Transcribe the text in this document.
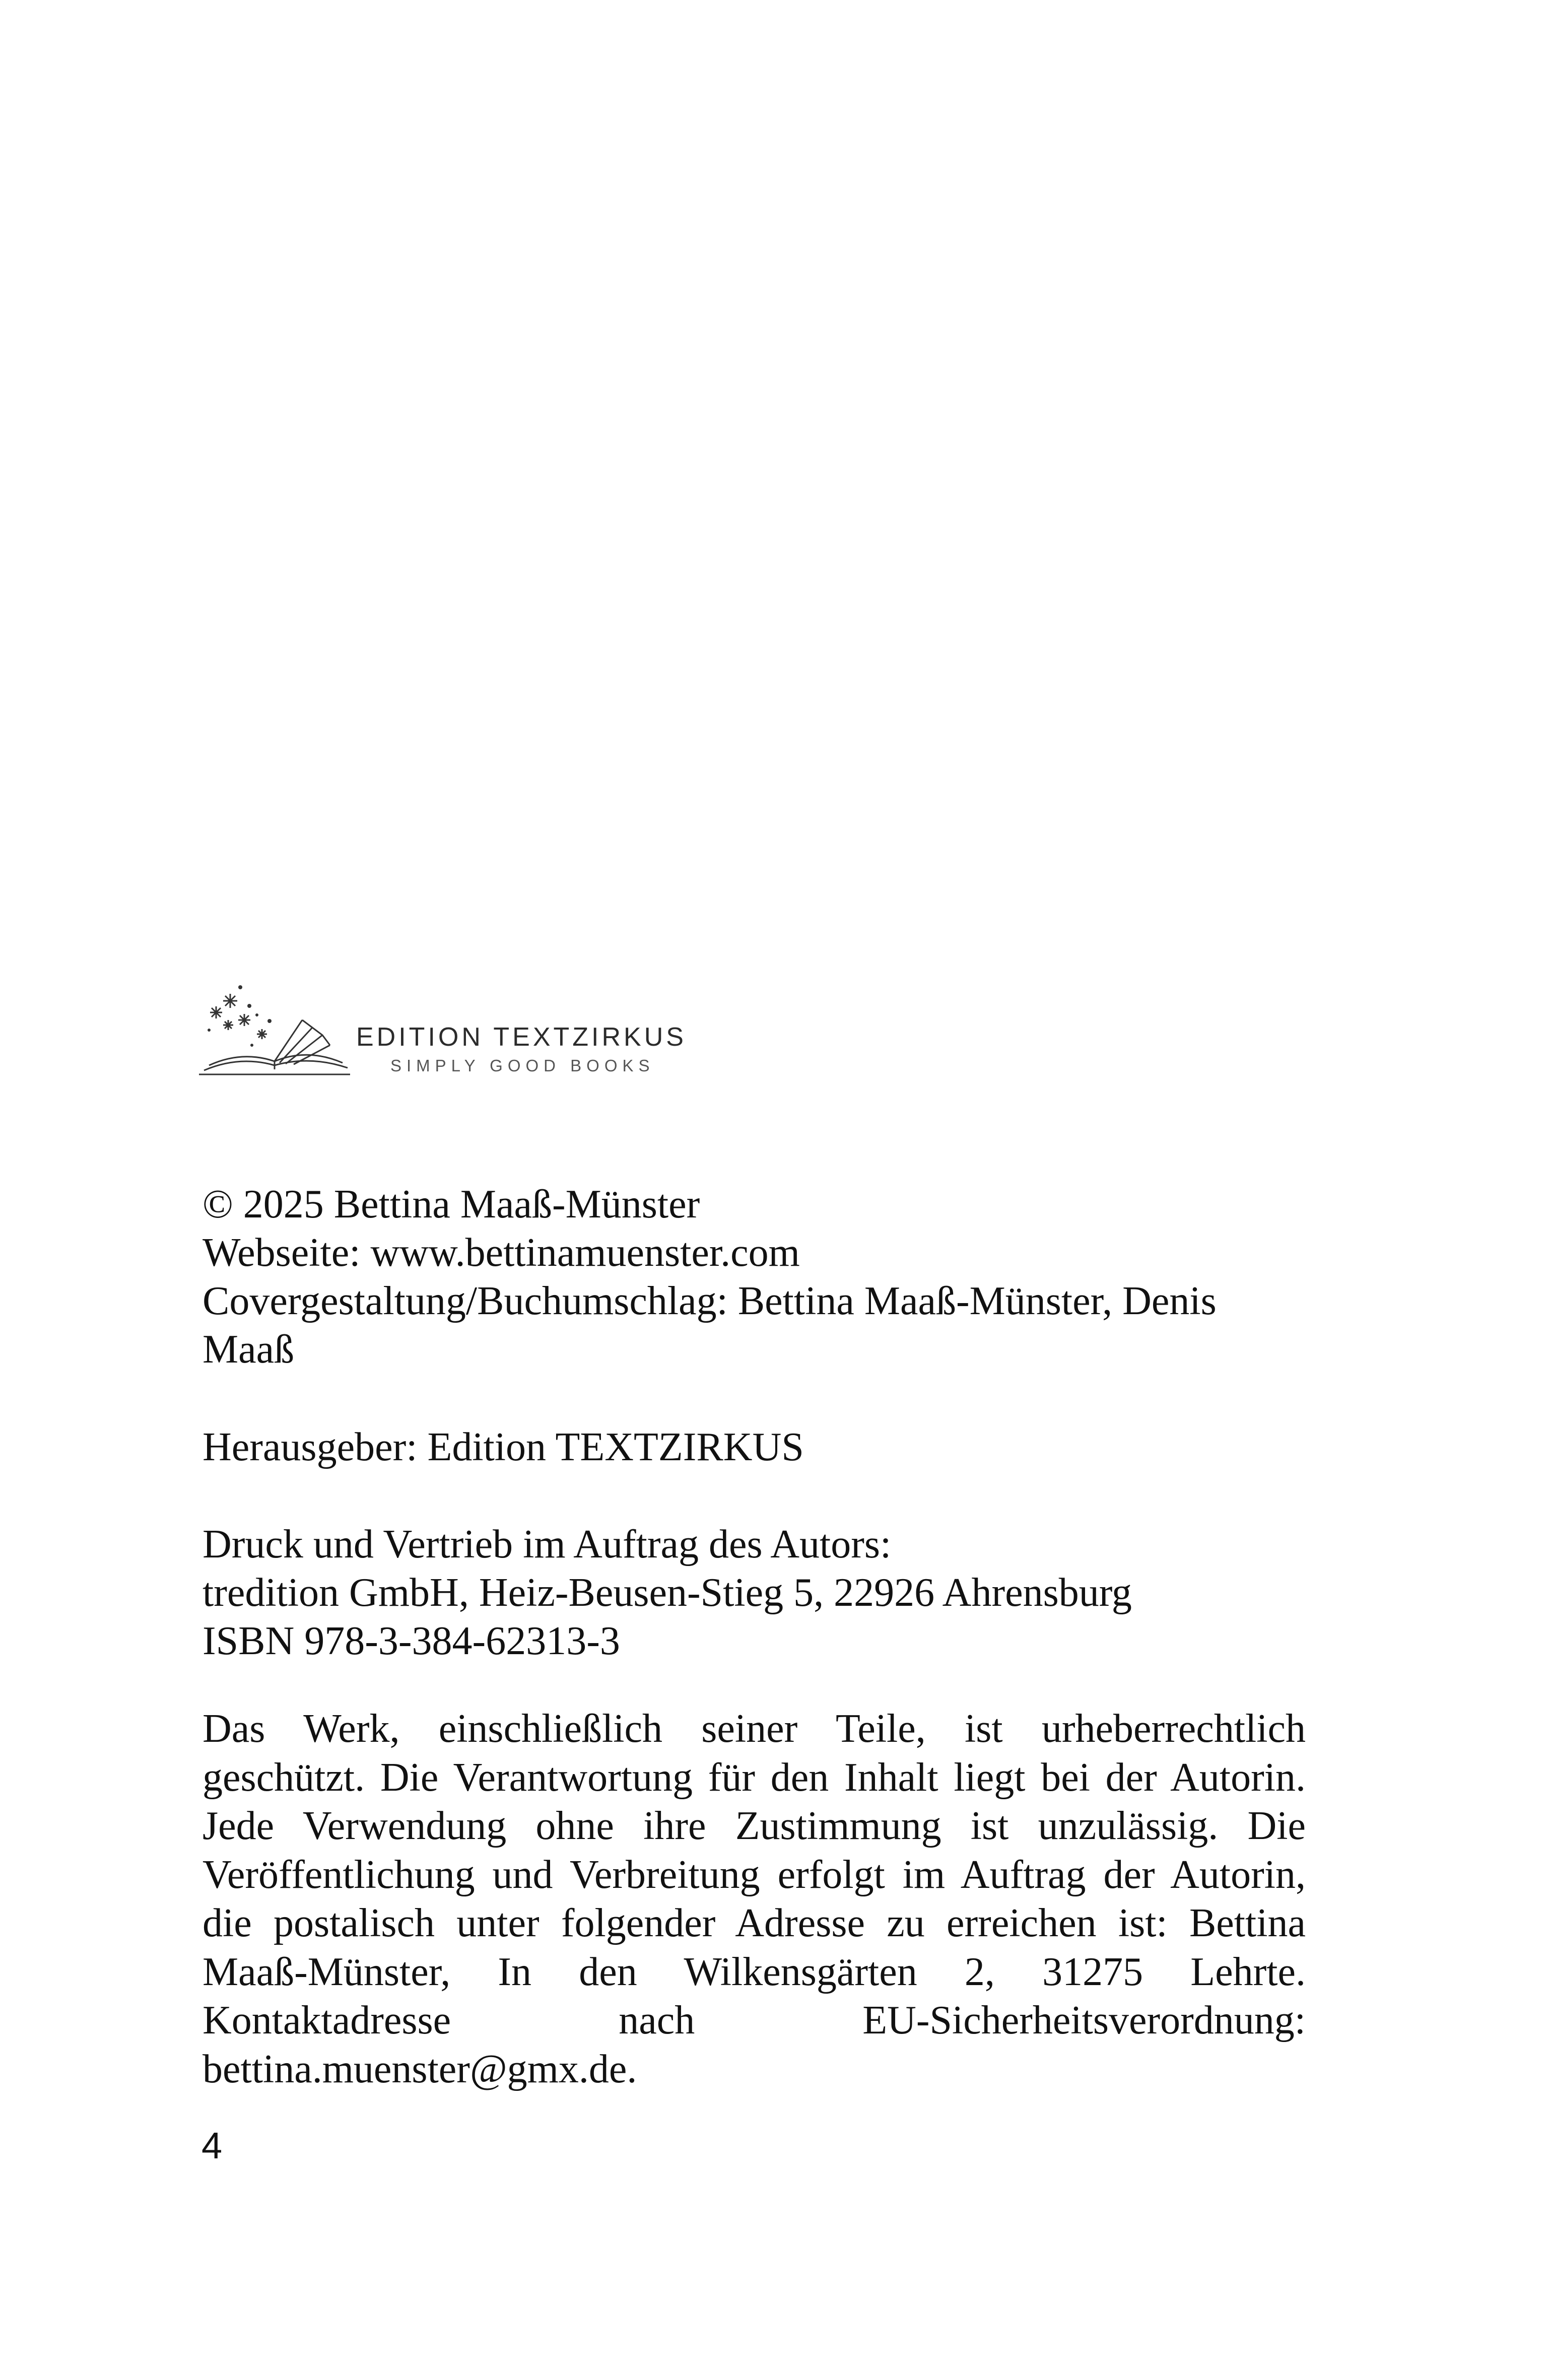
EDITION TEXTZIRKUS
SIMPLY GOOD BOOKS
© 2025 Bettina Maaß-Münster
Webseite: www.bettinamuenster.com
Covergestaltung/Buchumschlag: Bettina Maaß-Münster, Denis
Maaß
Herausgeber: Edition TEXTZIRKUS
Druck und Vertrieb im Auftrag des Autors:
tredition GmbH, Heiz-Beusen-Stieg 5, 22926 Ahrensburg
ISBN 978-3-384-62313-3
Das Werk, einschließlich seiner Teile, ist urheberrechtlich
geschützt. Die Verantwortung für den Inhalt liegt bei der Autorin.
Jede Verwendung ohne ihre Zustimmung ist unzulässig. Die
Veröffentlichung und Verbreitung erfolgt im Auftrag der Autorin,
die postalisch unter folgender Adresse zu erreichen ist: Bettina
Maaß-Münster, In den Wilkensgärten 2, 31275 Lehrte.
Kontaktadresse nach EU-Sicherheitsverordnung:
bettina.muenster@gmx.de.
4
